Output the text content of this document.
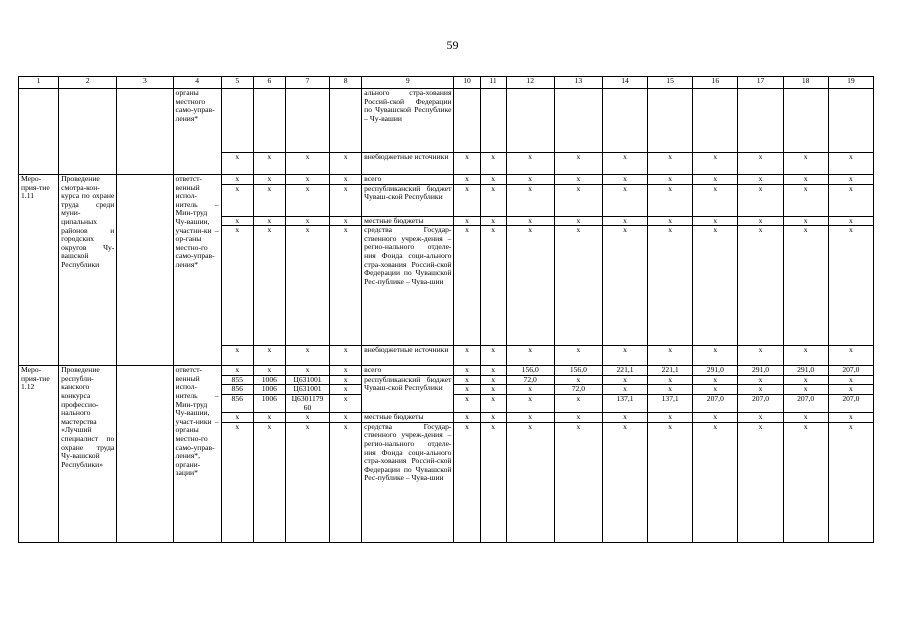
59
1	2	3	4	5	6	7	8	9	10	11	12	13	14	15	16	17	18	19
			органы местного само-управ-ления*					ального стра-хования Россий-ской Федерации по Чувашской Республике – Чу-вашии										
				х	х	х	х	внебюджетные источники	х	х	х	х	х	х	х	х	х	х
Меро-прия-тие 1.11	Проведение смотра-кон-курса по охране труда среди муни-ципальных районов и городских округов Чу-вашской Республики		ответст-венный испол-нитель – Мин-труд Чу-вашии, участни-ки – ор-ганы местно-го само-управ-ления*	х	х	х	х	всего	х	х	х	х	х	х	х	х	х	х
				х	х	х	х	республиканский бюджет Чуваш-ской Республики	х	х	х	х	х	х	х	х	х	х
				х	х	х	х	местные бюджеты	х	х	х	х	х	х	х	х	х	х
				х	х	х	х	средства Государ-ственного учреж-дения – регио-нального отделе-ния Фонда соци-ального стра-хования Россий-ской Федерации по Чувашской Рес-публике – Чува-шии	х	х	х	х	х	х	х	х	х	х
				х	х	х	х	внебюджетные источники	х	х	х	х	х	х	х	х	х	х
Меро-прия-тие 1.12	Проведение республи-канского конкурса профессио-нального мастерства «Лучший специалист по охране труда Чу-вашской Республики»		ответст-венный испол-нитель – Мин-труд Чу-вашии, участ-ники – органы местно-го само-управ-ления*, органи-зации*	х	х	х	х	всего	х	х	156,0	156,0	221,1	221,1	291,0	291,0	291,0	207,0
				855	1006	Ц631001	х	республиканский бюджет Чуваш-ской Республики	х	х	72,0	х	х	х	х	х	х	х
				856	1006	Ц631001	х		х	х	х	72,0	х	х	х	х	х	х
				856	1006	Ц6301179 60	х		х	х	х	х	137,1	137,1	207,0	207,0	207,0	207,0
				х	х	х	х	местные бюджеты	х	х	х	х	х	х	х	х	х	х
				х	х	х	х	средства Государ-ственного учреж-дения – регио-нального отделе-ния Фонда соци-ального стра-хования Россий-ской Федерации по Чувашской Рес-публике – Чува-шии	х	х	х	х	х	х	х	х	х	х
